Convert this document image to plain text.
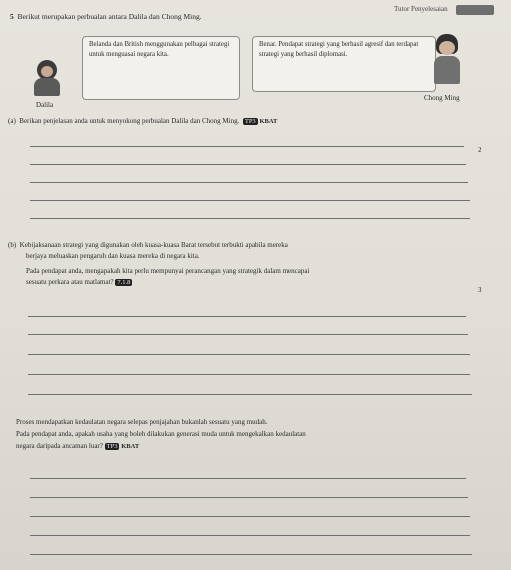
5 Berikut merupakan perbualan antara Dalila dan Chong Ming.
Tutor Penyelesaian
Dalila
Belanda dan British menggunakan pelbagai strategi untuk menguasai negara kita.
Benar. Pendapat strategi yang berhasil agresif dan terdapat strategi yang berhasil diplomasi.
Chong Ming
(a) Berikan penjelasan anda untuk menyokong perbualan Dalila dan Chong Ming. TP3 KBAT
2
(b) Kebijaksanaan strategi yang digunakan oleh kuasa-kuasa Barat tersebut terbukti apabila mereka
berjaya meluaskan pengaruh dan kuasa mereka di negara kita.
Pada pendapat anda, mengapakah kita perlu mempunyai perancangan yang strategik dalam mencapai
sesuatu perkara atau matlamat? 7.1.8
3
Proses mendapatkan kedaulatan negara selepas penjajahan bukanlah sesuatu yang mudah.
Pada pendapat anda, apakah usaha yang boleh dilakukan generasi muda untuk mengekalkan kedaulatan
negara daripada ancaman luar? TP3 KBAT
